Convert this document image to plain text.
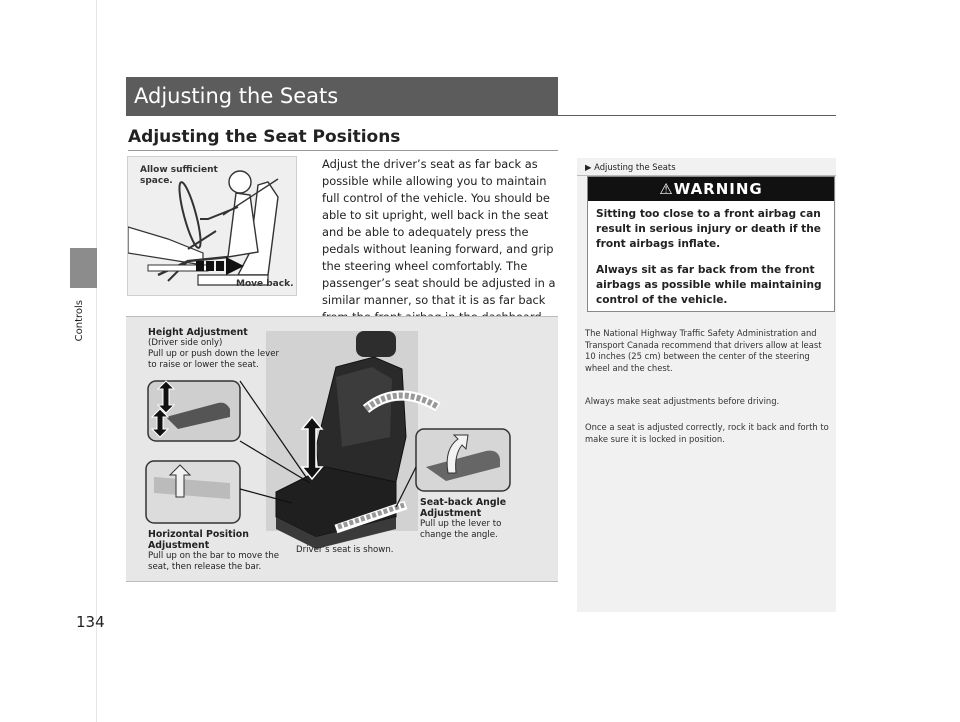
Controls
134
Adjusting the Seats
Adjusting the Seat Positions
Allow sufficient space.
Move back.
Adjust the driver’s seat as far back as possible while allowing you to maintain full control of the vehicle. You should be able to sit upright, well back in the seat and be able to adequately press the pedals without leaning forward, and grip the steering wheel comfortably. The passenger’s seat should be adjusted in a similar manner, so that it is as far back
Height Adjustment
(Driver side only)
Pull up or push down the lever to raise or lower the seat.
Horizontal Position Adjustment
Pull up on the bar to move the seat, then release the bar.
Seat-back Angle Adjustment
Pull up the lever to change the angle.
Driver’s seat is shown.
▶ Adjusting the Seats
⚠WARNING
Sitting too close to a front airbag can result in serious injury or death if the front airbags inflate.
Always sit as far back from the front airbags as possible while maintaining control of the vehicle.
The National Highway Traffic Safety Administration and Transport Canada recommend that drivers allow at least 10 inches (25 cm) between the center of the steering wheel and the chest.
Always make seat adjustments before driving.
Once a seat is adjusted correctly, rock it back and forth to make sure it is locked in position.
